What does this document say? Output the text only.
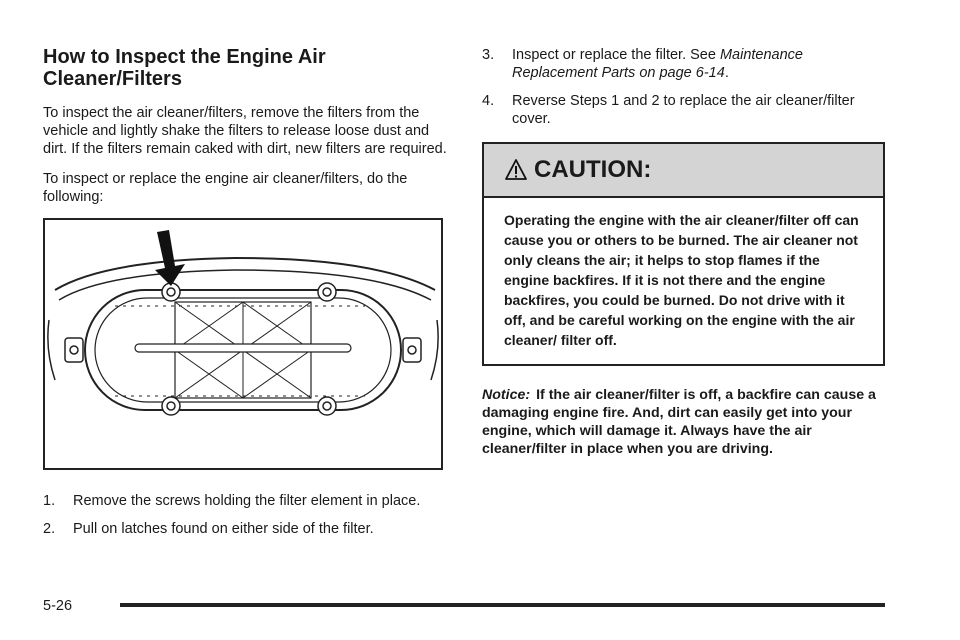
How to Inspect the Engine Air Cleaner/Filters

To inspect the air cleaner/filters, remove the filters from the vehicle and lightly shake the filters to release loose dust and dirt. If the filters remain caked with dirt, new filters are required.

To inspect or replace the engine air cleaner/filters, do the following:

1. Remove the screws holding the filter element in place.
2. Pull on latches found on either side of the filter.
3. Inspect or replace the filter. See Maintenance Replacement Parts on page 6-14.
4. Reverse Steps 1 and 2 to replace the air cleaner/filter cover.
CAUTION:
Operating the engine with the air cleaner/filter off can cause you or others to be burned. The air cleaner not only cleans the air; it helps to stop flames if the engine backfires. If it is not there and the engine backfires, you could be burned. Do not drive with it off, and be careful working on the engine with the air cleaner/ filter off.

Notice: If the air cleaner/filter is off, a backfire can cause a damaging engine fire. And, dirt can easily get into your engine, which will damage it. Always have the air cleaner/filter in place when you are driving.

5-26
